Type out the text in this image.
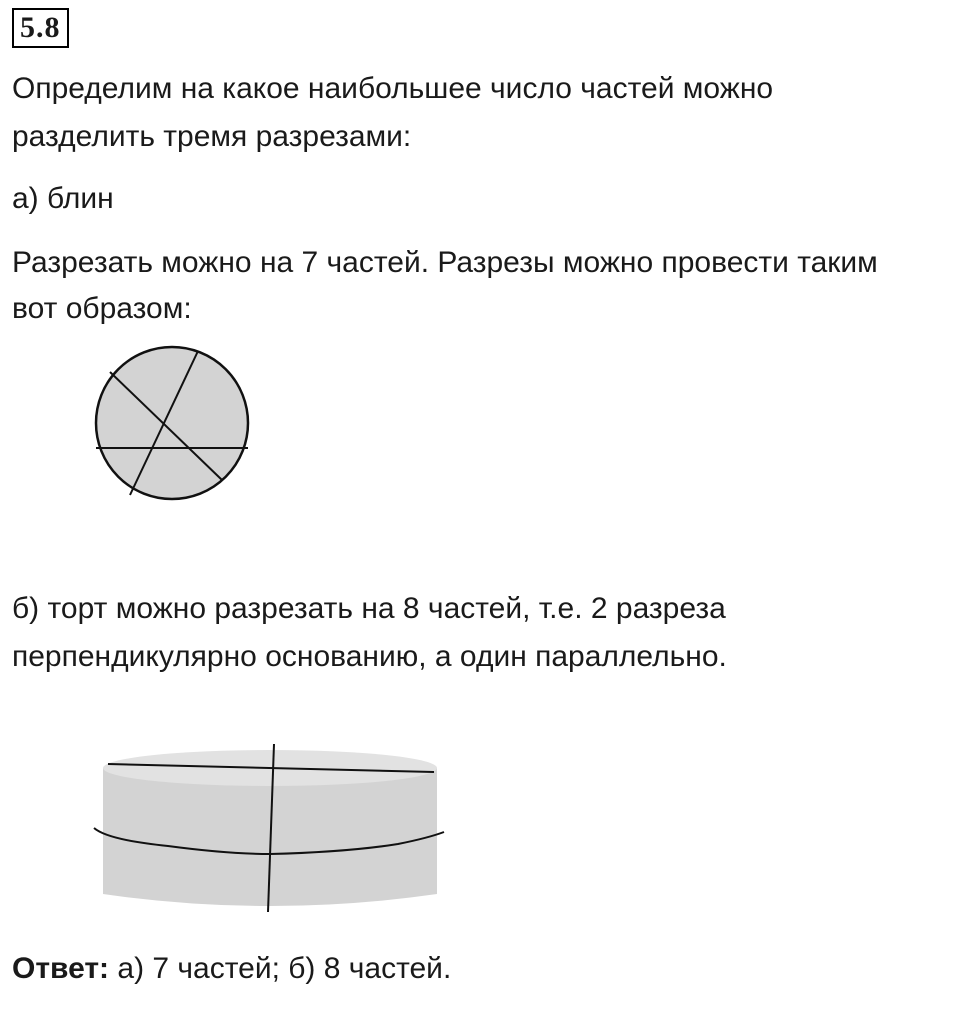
5.8
Определим на какое наибольшее число частей можно
разделить тремя разрезами:
а) блин
Разрезать можно на 7 частей. Разрезы можно провести таким
вот образом:
б) торт можно разрезать на 8 частей, т.е. 2 разреза
перпендикулярно основанию, а один параллельно.
Ответ: а) 7 частей; б) 8 частей.
